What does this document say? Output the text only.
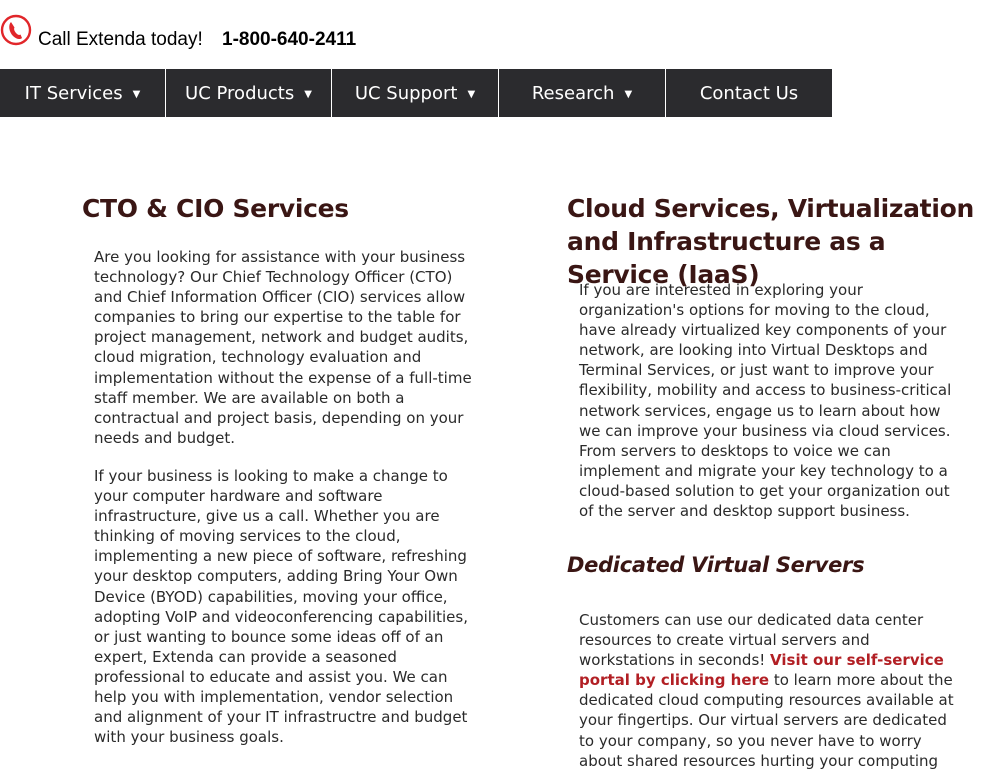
Call Extenda today! 1-800-640-2411
IT Services ▼ UC Products ▼ UC Support ▼	Research ▼	Contact Us
CTO & CIO Services

Are you looking for assistance with your business technology? Our Chief Technology Officer (CTO) and Chief Information Officer (CIO) services allow companies to bring our expertise to the table for project management, network and budget audits, cloud migration, technology evaluation and implementation without the expense of a full-time staff member. We are available on both a contractual and project basis, depending on your needs and budget.

If your business is looking to make a change to your computer hardware and software infrastructure, give us a call. Whether you are thinking of moving services to the cloud, implementing a new piece of software, refreshing your desktop computers, adding Bring Your Own Device (BYOD) capabilities, moving your office, adopting VoIP and videoconferencing capabilities, or just wanting to bounce some ideas off of an expert, Extenda can provide a seasoned professional to educate and assist you. We can help you with implementation, vendor selection and alignment of your IT infrastructre and budget with your business goals.

Cloud Services, Virtualization and Infrastructure as a Service (IaaS)

If you are interested in exploring your organization's options for moving to the cloud, have already virtualized key components of your network, are looking into Virtual Desktops and Terminal Services, or just want to improve your flexibility, mobility and access to business-critical network services, engage us to learn about how we can improve your business via cloud services. From servers to desktops to voice we can implement and migrate your key technology to a cloud-based solution to get your organization out of the server and desktop support business.

Dedicated Virtual Servers

Customers can use our dedicated data center resources to create virtual servers and workstations in seconds! Visit our self-service portal by clicking here to learn more about the dedicated cloud computing resources available at your fingertips. Our virtual servers are dedicated to your company, so you never have to worry about shared resources hurting your computing
